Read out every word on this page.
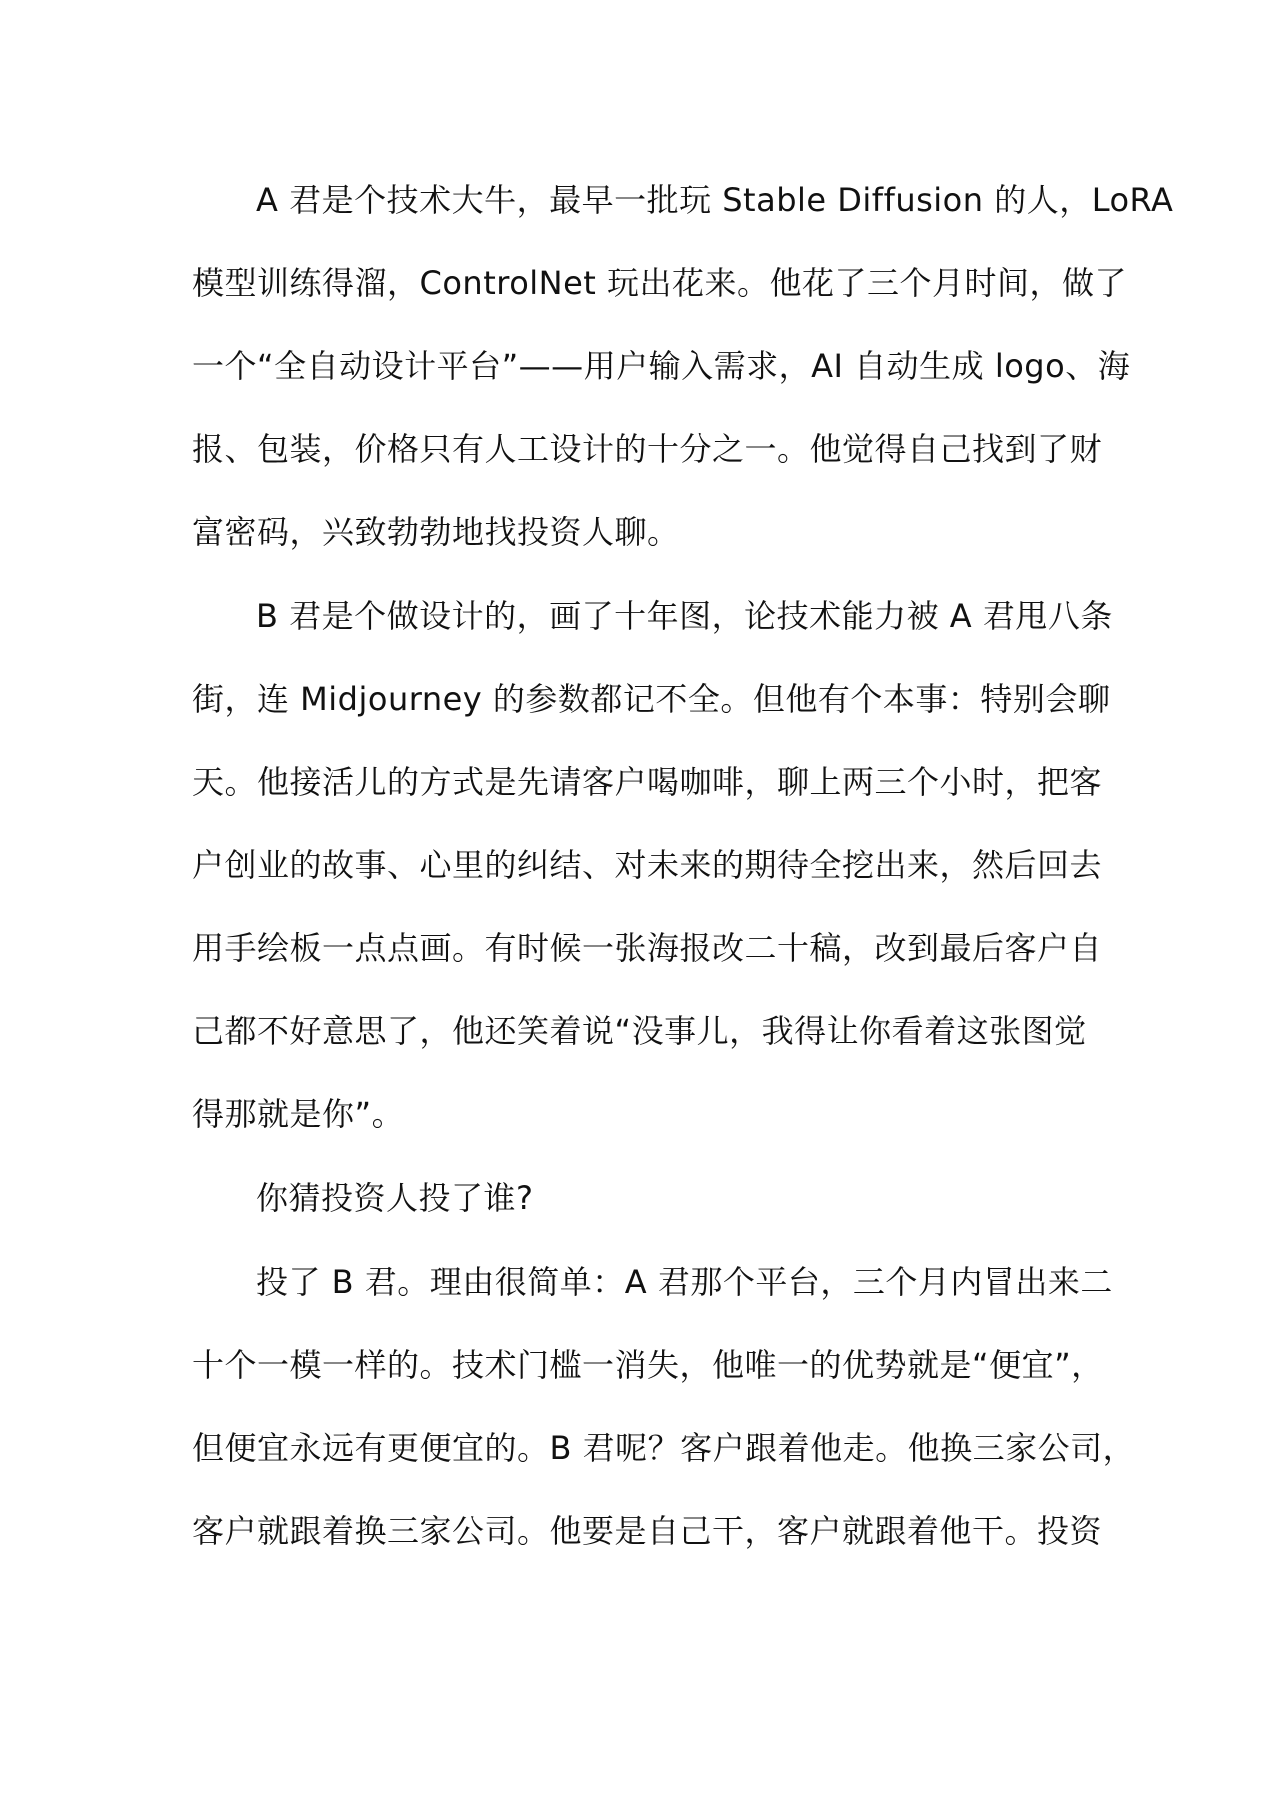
A 君是个技术大牛，最早一批玩 Stable Diffusion 的人，LoRA
模型训练得溜，ControlNet 玩出花来。他花了三个月时间，做了
一个“全自动设计平台”——用户输入需求，AI 自动生成 logo、海
报、包装，价格只有人工设计的十分之一。他觉得自己找到了财
富密码，兴致勃勃地找投资人聊。
B 君是个做设计的，画了十年图，论技术能力被 A 君甩八条
街，连 Midjourney 的参数都记不全。但他有个本事：特别会聊
天。他接活儿的方式是先请客户喝咖啡，聊上两三个小时，把客
户创业的故事、心里的纠结、对未来的期待全挖出来，然后回去
用手绘板一点点画。有时候一张海报改二十稿，改到最后客户自
己都不好意思了，他还笑着说“没事儿，我得让你看着这张图觉
得那就是你”。
你猜投资人投了谁?
投了 B 君。理由很简单：A 君那个平台，三个月内冒出来二
十个一模一样的。技术门槛一消失，他唯一的优势就是“便宜”，
但便宜永远有更便宜的。B 君呢？客户跟着他走。他换三家公司，
客户就跟着换三家公司。他要是自己干，客户就跟着他干。投资
